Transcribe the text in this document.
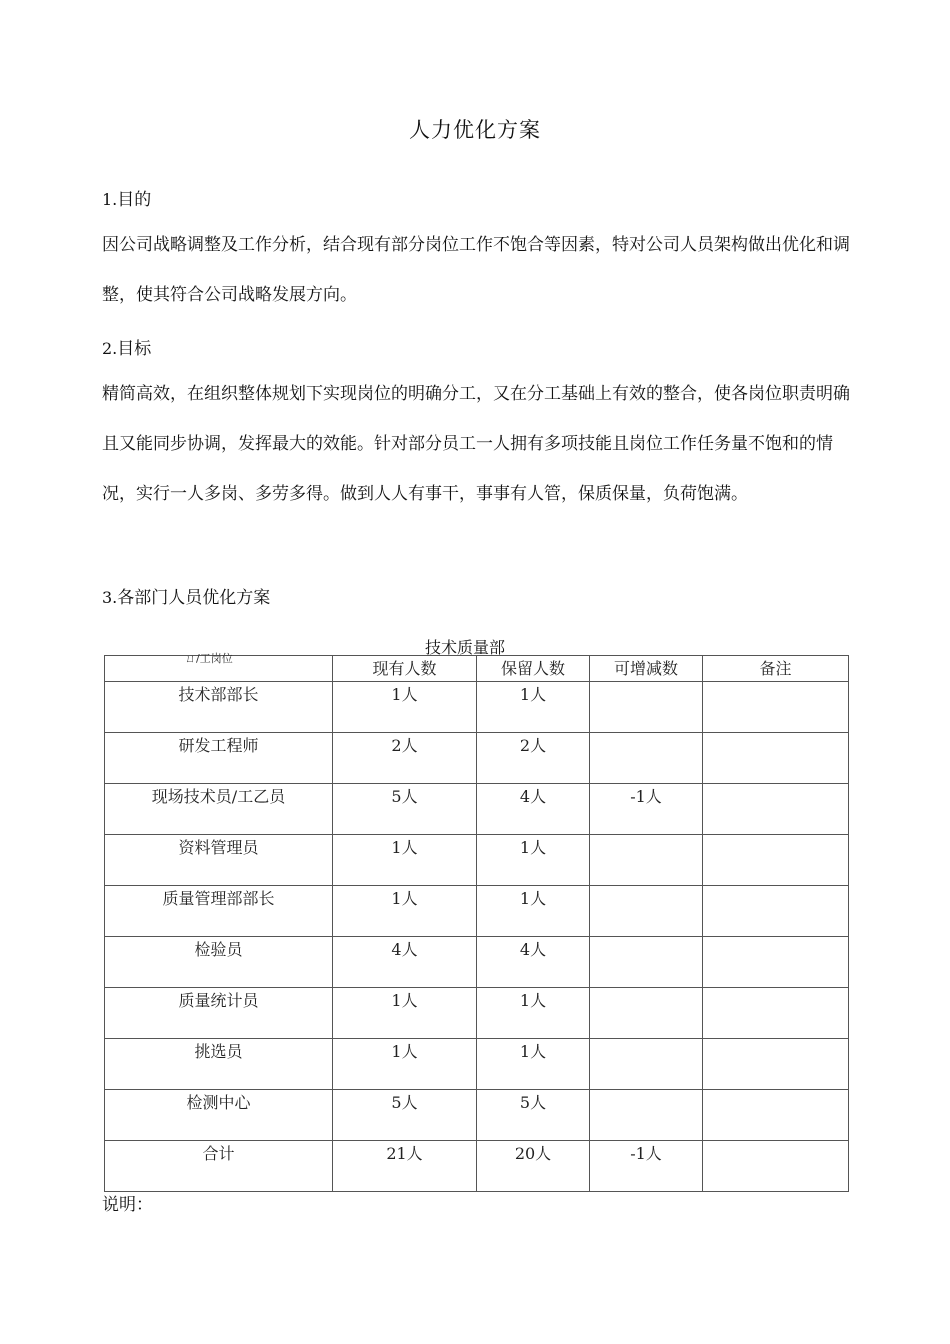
人力优化方案
1.目的
因公司战略调整及工作分析，结合现有部分岗位工作不饱合等因素，特对公司人员架构做出优化和调整，使其符合公司战略发展方向。
2.目标
精简高效，在组织整体规划下实现岗位的明确分工，又在分工基础上有效的整合，使各岗位职责明确且又能同步协调，发挥最大的效能。针对部分员工一人拥有多项技能且岗位工作任务量不饱和的情况，实行一人多岗、多劳多得。做到人人有事干，事事有人管，保质保量，负荷饱满。
3.各部门人员优化方案
技术质量部
ㄩ/工岗位	现有人数	保留人数	可增减数	备注
技术部部长	1人	1人		
研发工程师	2人	2人		
现场技术员/工乙员	5人	4人	-1人	
资料管理员	1人	1人		
质量管理部部长	1人	1人		
检验员	4人	4人		
质量统计员	1人	1人		
挑选员	1人	1人		
检测中心	5人	5人		
合计	21人	20人	-1人	
说明：
